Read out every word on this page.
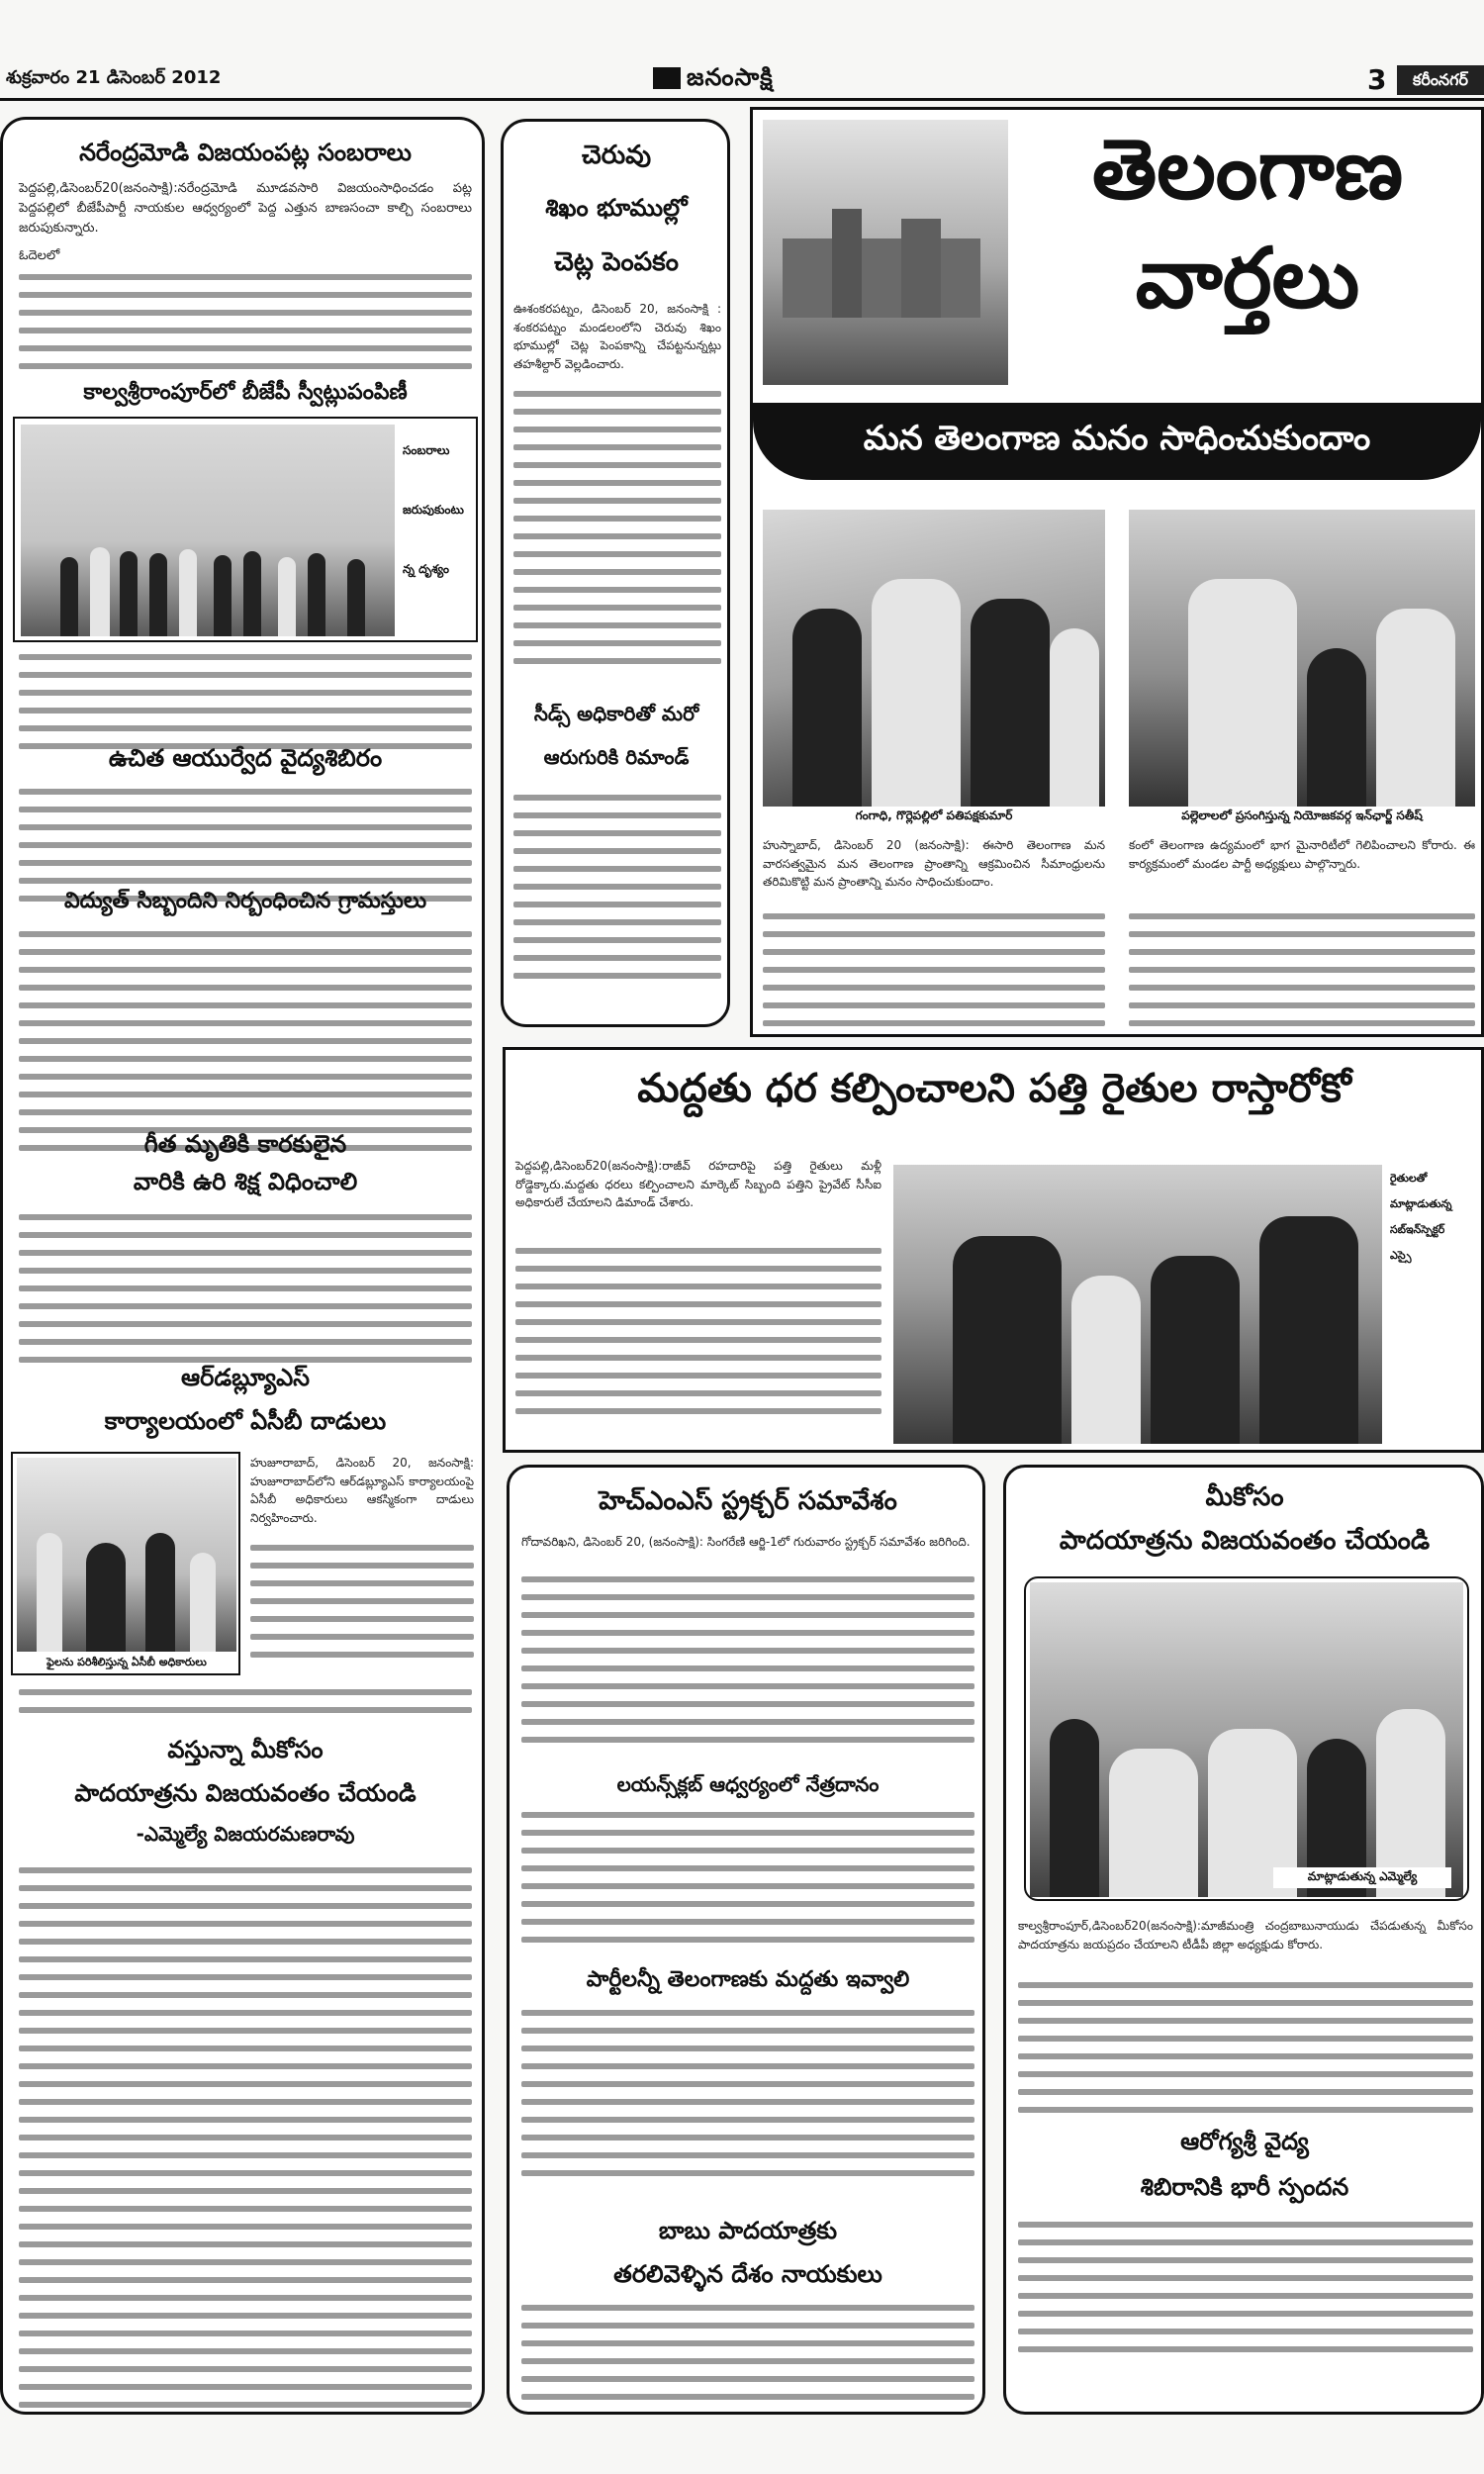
శుక్రవారం 21 డిసెంబర్ 2012	జనంసాక్షి	3	కరీంనగర్
నరేంద్రమోడి విజయంపట్ల సంబరాలు
పెద్దపల్లి,డిసెంబర్20(జనంసాక్షి):నరేంద్రమోడి మూడవసారి విజయంసాధించడం పట్ల పెద్దపల్లిలో బీజేపీపార్టీ నాయకుల ఆధ్వర్యంలో పెద్ద ఎత్తున బాణసంచా కాల్చి సంబరాలు జరుపుకున్నారు.
ఓదెలలో
కాల్వశ్రీరాంపూర్‌లో బీజేపీ స్వీట్లుపంపిణీ
సంబరాలు
జరుపుకుంటు
న్న దృశ్యం
ఉచిత ఆయుర్వేద వైద్యశిబిరం
విద్యుత్ సిబ్బందిని నిర్బంధించిన గ్రామస్తులు
గీత మృతికి కారకులైన
వారికి ఉరి శిక్ష విధించాలి
ఆర్‌డబ్ల్యూఎస్
కార్యాలయంలో ఏసీబీ దాడులు
ఫైలను పరిశీలిస్తున్న ఏసీబీ అధికారులు
హుజూరాబాద్, డిసెంబర్ 20, జనంసాక్షి: హుజూరాబాద్‌లోని ఆర్‌డబ్ల్యూఎస్ కార్యాలయంపై ఏసీబీ అధికారులు ఆకస్మికంగా దాడులు నిర్వహించారు.
వస్తున్నా మీకోసం
పాదయాత్రను విజయవంతం చేయండి
-ఎమ్మెల్యే విజయరమణరావు
చెరువు
శిఖం భూముల్లో
చెట్ల పెంపకం
ఊశంకరపట్నం, డిసెంబర్ 20, జనంసాక్షి : శంకరపట్నం మండలంలోని చెరువు శిఖం భూముల్లో చెట్ల పెంపకాన్ని చేపట్టనున్నట్లు తహశీల్దార్ వెల్లడించారు.
సీడ్స్ అధికారితో మరో
ఆరుగురికి రిమాండ్
తెలంగాణ
వార్తలు
మన తెలంగాణ మనం సాధించుకుందాం
గంగాధి, గొర్లెపల్లిలో పతిపక్షకుమార్	పల్లెలాలలో ప్రసంగిస్తున్న నియోజకవర్గ ఇన్‌ఛార్జ్ సతీష్
హుస్నాబాద్, డిసెంబర్ 20 (జనంసాక్షి): ఈసారి తెలంగాణ మన వారసత్వమైన మన తెలంగాణ ప్రాంతాన్ని ఆక్రమించిన సీమాంధ్రులను తరిమికొట్టి మన ప్రాంతాన్ని మనం సాధించుకుందాం.
కంలో తెలంగాణ ఉద్యమంలో భాగ మైనారిటీలో గెలిపించాలని కోరారు. ఈ కార్యక్రమంలో మండల పార్టీ అధ్యక్షులు పాల్గొన్నారు.
మద్దతు ధర కల్పించాలని పత్తి రైతుల రాస్తారోకో
పెద్దపల్లి,డిసెంబర్20(జనంసాక్షి):రాజీవ్ రహదారిపై పత్తి రైతులు మళ్లీ రోడ్డెక్కారు.మద్దతు ధరలు కల్పించాలని మార్కెట్ సిబ్బంది పత్తిని ప్రైవేట్ సీసీఐ అధికారులే చేయాలని డిమాండ్ చేశారు.
రైతులతో
మాట్లాడుతున్న
సబ్‌ఇన్‌స్పెక్టర్
ఎస్సై
హెచ్‌ఎంఎస్ స్ట్రక్చర్ సమావేశం
గోదావరిఖని, డిసెంబర్ 20, (జనంసాక్షి): సింగరేణి ఆర్జి-1లో గురువారం స్ట్రక్చర్ సమావేశం జరిగింది.
లయన్స్‌క్లబ్ ఆధ్వర్యంలో నేత్రదానం
పార్టీలన్నీ తెలంగాణకు మద్దతు ఇవ్వాలి
బాబు పాదయాత్రకు
తరలివెళ్ళిన దేశం నాయకులు
మీకోసం
పాదయాత్రను విజయవంతం చేయండి
మాట్లాడుతున్న ఎమ్మెల్యే
కాల్వశ్రీరాంపూర్,డిసెంబర్20(జనంసాక్షి):మాజీమంత్రి చంద్రబాబునాయుడు చేపడుతున్న మీకోసం పాదయాత్రను జయప్రదం చేయాలని టీడీపీ జిల్లా అధ్యక్షుడు కోరారు.
ఆరోగ్యశ్రీ వైద్య
శిబిరానికి భారీ స్పందన
